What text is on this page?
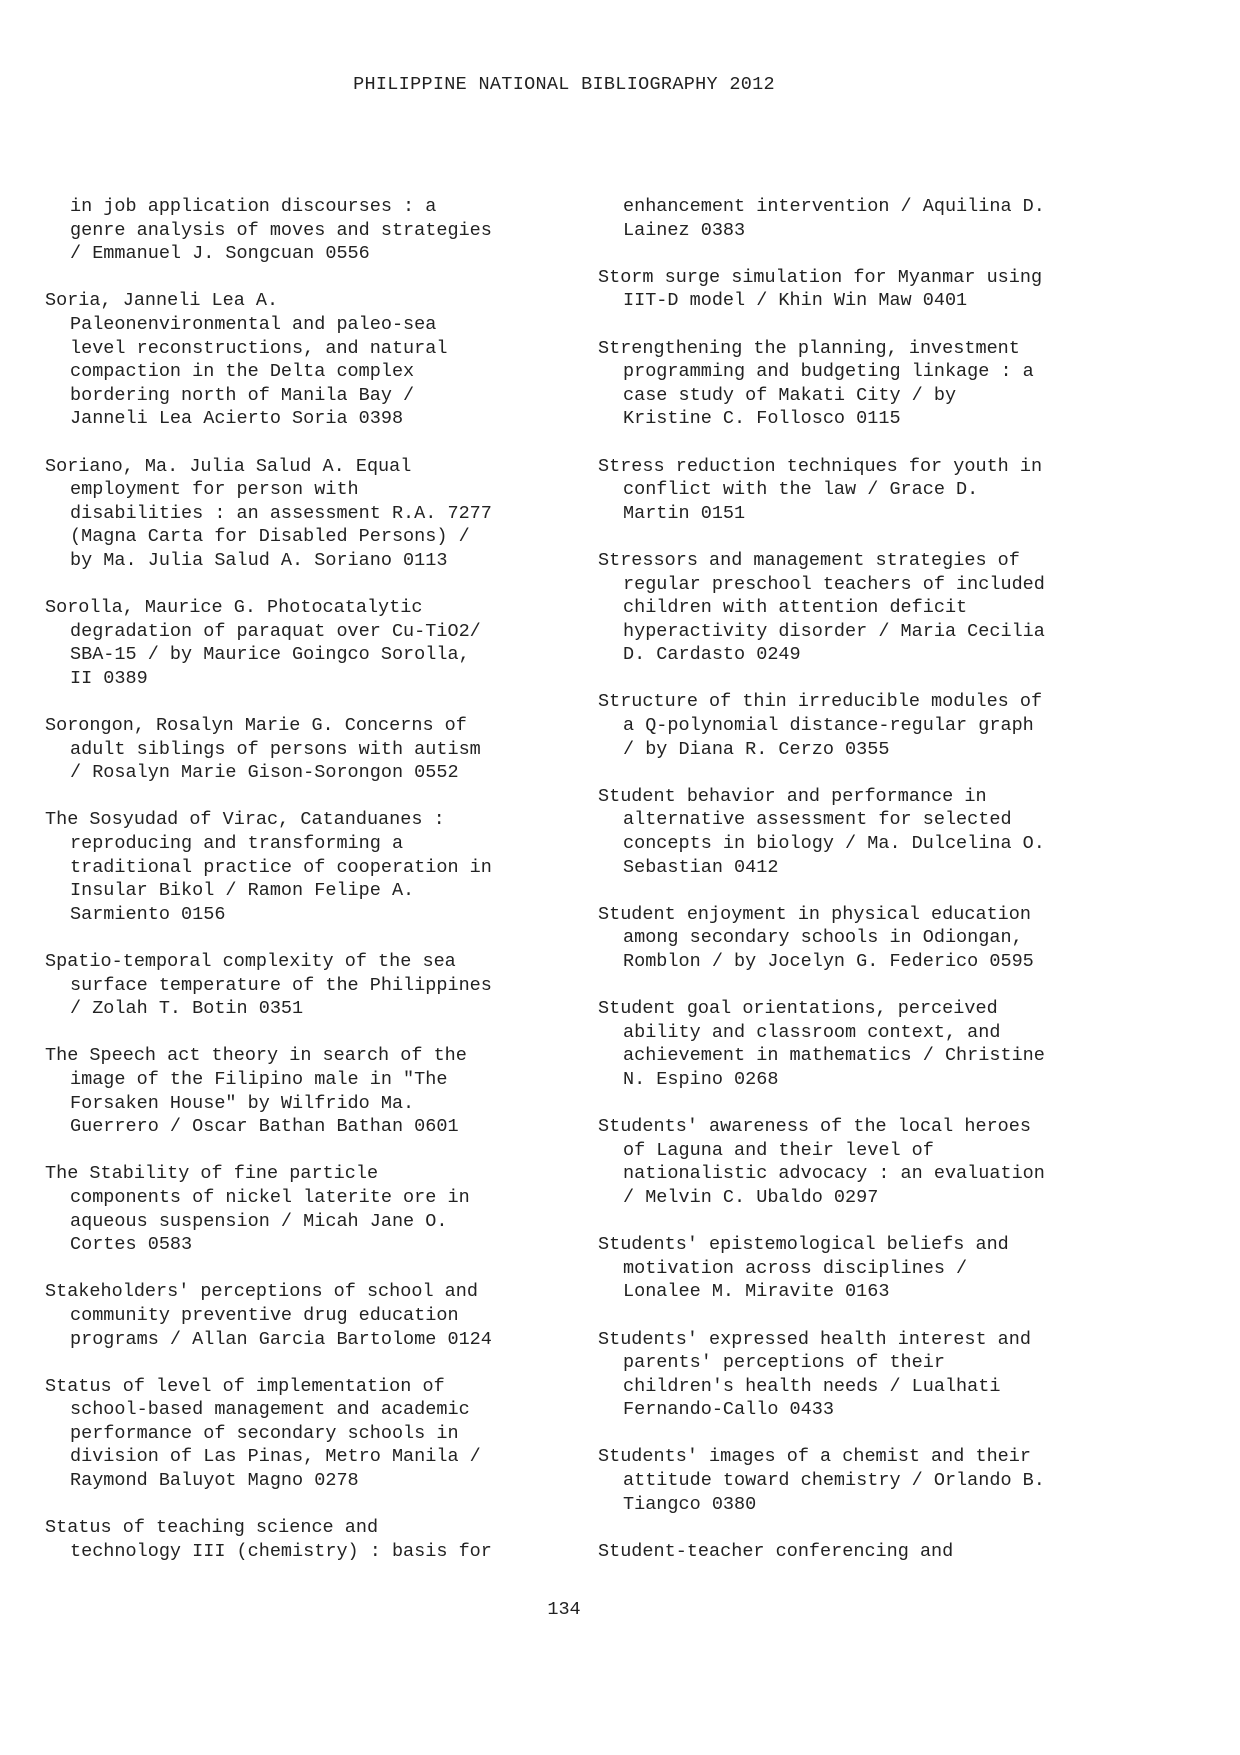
PHILIPPINE NATIONAL BIBLIOGRAPHY 2012
in job application discourses : a
genre analysis of moves and strategies
/ Emmanuel J. Songcuan 0556
Soria, Janneli Lea A.
Paleonenvironmental and paleo-sea
level reconstructions, and natural
compaction in the Delta complex
bordering north of Manila Bay /
Janneli Lea Acierto Soria 0398
Soriano, Ma. Julia Salud A. Equal
employment for person with
disabilities : an assessment R.A. 7277
(Magna Carta for Disabled Persons) /
by Ma. Julia Salud A. Soriano 0113
Sorolla, Maurice G. Photocatalytic
degradation of paraquat over Cu-TiO2/
SBA-15 / by Maurice Goingco Sorolla,
II 0389
Sorongon, Rosalyn Marie G. Concerns of
adult siblings of persons with autism
/ Rosalyn Marie Gison-Sorongon 0552
The Sosyudad of Virac, Catanduanes :
reproducing and transforming a
traditional practice of cooperation in
Insular Bikol / Ramon Felipe A.
Sarmiento 0156
Spatio-temporal complexity of the sea
surface temperature of the Philippines
/ Zolah T. Botin 0351
The Speech act theory in search of the
image of the Filipino male in "The
Forsaken House" by Wilfrido Ma.
Guerrero / Oscar Bathan Bathan 0601
The Stability of fine particle
components of nickel laterite ore in
aqueous suspension / Micah Jane O.
Cortes 0583
Stakeholders' perceptions of school and
community preventive drug education
programs / Allan Garcia Bartolome 0124
Status of level of implementation of
school-based management and academic
performance of secondary schools in
division of Las Pinas, Metro Manila /
Raymond Baluyot Magno 0278
Status of teaching science and
technology III (chemistry) : basis for
enhancement intervention / Aquilina D.
Lainez 0383
Storm surge simulation for Myanmar using
IIT-D model / Khin Win Maw 0401
Strengthening the planning, investment
programming and budgeting linkage : a
case study of Makati City / by
Kristine C. Follosco 0115
Stress reduction techniques for youth in
conflict with the law / Grace D.
Martin 0151
Stressors and management strategies of
regular preschool teachers of included
children with attention deficit
hyperactivity disorder / Maria Cecilia
D. Cardasto 0249
Structure of thin irreducible modules of
a Q-polynomial distance-regular graph
/ by Diana R. Cerzo 0355
Student behavior and performance in
alternative assessment for selected
concepts in biology / Ma. Dulcelina O.
Sebastian 0412
Student enjoyment in physical education
among secondary schools in Odiongan,
Romblon / by Jocelyn G. Federico 0595
Student goal orientations, perceived
ability and classroom context, and
achievement in mathematics / Christine
N. Espino 0268
Students' awareness of the local heroes
of Laguna and their level of
nationalistic advocacy : an evaluation
/ Melvin C. Ubaldo 0297
Students' epistemological beliefs and
motivation across disciplines /
Lonalee M. Miravite 0163
Students' expressed health interest and
parents' perceptions of their
children's health needs / Lualhati
Fernando-Callo 0433
Students' images of a chemist and their
attitude toward chemistry / Orlando B.
Tiangco 0380
Student-teacher conferencing and
134
